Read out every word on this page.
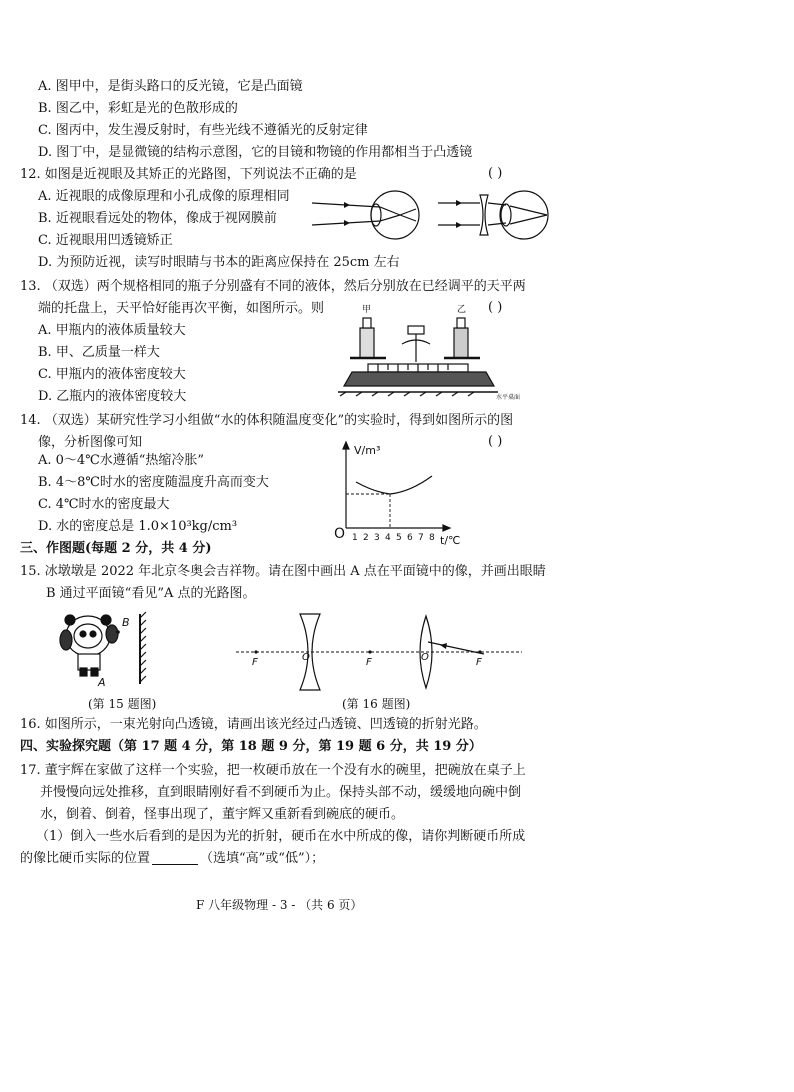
A. 图甲中，是街头路口的反光镜，它是凸面镜
B. 图乙中，彩虹是光的色散形成的
C. 图丙中，发生漫反射时，有些光线不遵循光的反射定律
D. 图丁中，是显微镜的结构示意图，它的目镜和物镜的作用都相当于凸透镜
12. 如图是近视眼及其矫正的光路图，下列说法不正确的是	( )
A. 近视眼的成像原理和小孔成像的原理相同
B. 近视眼看远处的物体，像成于视网膜前
C. 近视眼用凹透镜矫正
D. 为预防近视，读写时眼睛与书本的距离应保持在 25cm 左右
13. （双选）两个规格相同的瓶子分别盛有不同的液体，然后分别放在已经调平的天平两
端的托盘上，天平恰好能再次平衡，如图所示。则	( )
A. 甲瓶内的液体质量较大
B. 甲、乙质量一样大
C. 甲瓶内的液体密度较大
D. 乙瓶内的液体密度较大
甲	乙
水平桌面
14. （双选）某研究性学习小组做“水的体积随温度变化”的实验时，得到如图所示的图
像，分析图像可知	( )
A. 0～4℃水遵循“热缩冷胀”
B. 4～8℃时水的密度随温度升高而变大
C. 4℃时水的密度最大
D. 水的密度总是 1.0×10³kg/cm³
V/m³
O	t/℃
1 2 3 4 5 6 7 8
三、作图题(每题 2 分，共 4 分)
15. 冰墩墩是 2022 年北京冬奥会吉祥物。请在图中画出 A 点在平面镜中的像，并画出眼睛
B 通过平面镜“看见”A 点的光路图。
B
A
(第 15 题图)
F	O	F	O	F
(第 16 题图)
16. 如图所示，一束光射向凸透镜，请画出该光经过凸透镜、凹透镜的折射光路。
四、实验探究题（第 17 题 4 分，第 18 题 9 分，第 19 题 6 分，共 19 分）
17. 董宇辉在家做了这样一个实验，把一枚硬币放在一个没有水的碗里，把碗放在桌子上
并慢慢向远处推移，直到眼睛刚好看不到硬币为止。保持头部不动，缓缓地向碗中倒
水，倒着、倒着，怪事出现了，董宇辉又重新看到碗底的硬币。
（1）倒入一些水后看到的是因为光的折射，硬币在水中所成的像，请你判断硬币所成
的像比硬币实际的位置	（选填“高”或“低”）；
F 八年级物理 - 3 - （共 6 页）
